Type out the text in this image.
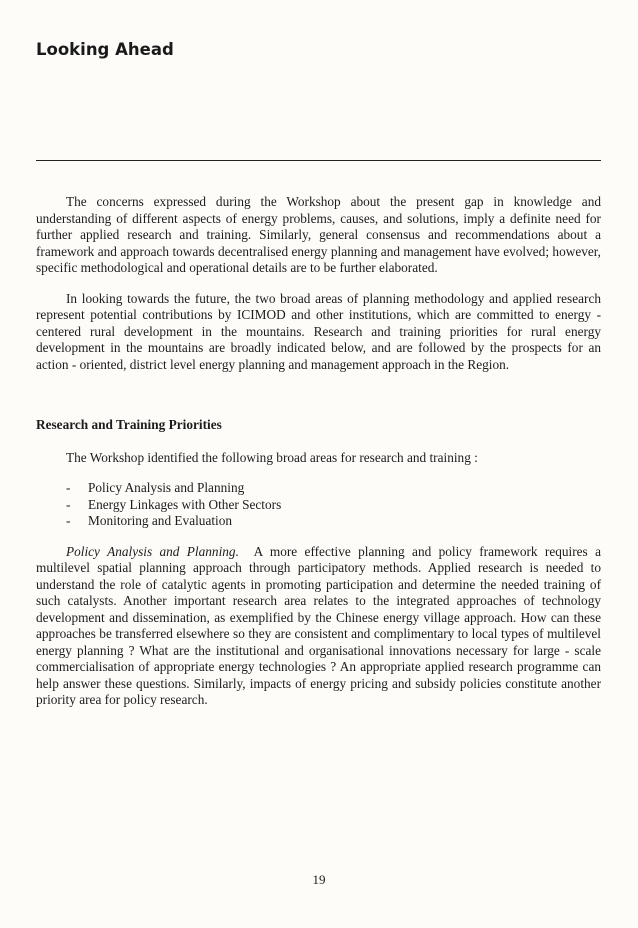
Looking Ahead

The concerns expressed during the Workshop about the present gap in knowledge and understanding of different aspects of energy problems, causes, and solutions, imply a definite need for further applied research and training. Similarly, general consensus and recommendations about a framework and approach towards decentralised energy planning and management have evolved; however, specific methodological and operational details are to be further elaborated.

In looking towards the future, the two broad areas of planning methodology and applied research represent potential contributions by ICIMOD and other institutions, which are committed to energy - centered rural development in the mountains. Research and training priorities for rural energy development in the mountains are broadly indicated below, and are followed by the prospects for an action - oriented, district level energy planning and management approach in the Region.

Research and Training Priorities

The Workshop identified the following broad areas for research and training :

- Policy Analysis and Planning
- Energy Linkages with Other Sectors
- Monitoring and Evaluation

Policy Analysis and Planning. A more effective planning and policy framework requires a multilevel spatial planning approach through participatory methods. Applied research is needed to understand the role of catalytic agents in promoting participation and determine the needed training of such catalysts. Another important research area relates to the integrated approaches of technology development and dissemination, as exemplified by the Chinese energy village approach. How can these approaches be transferred elsewhere so they are consistent and complimentary to local types of multilevel energy planning ? What are the institutional and organisational innovations necessary for large - scale commercialisation of appropriate energy technologies ? An appropriate applied research programme can help answer these questions. Similarly, impacts of energy pricing and subsidy policies constitute another priority area for policy research.

19
